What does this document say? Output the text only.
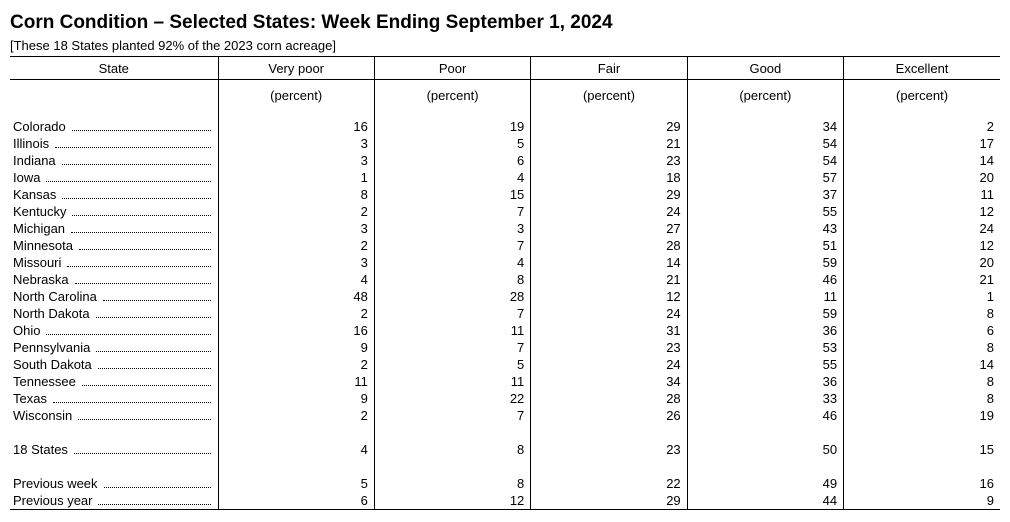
Corn Condition – Selected States: Week Ending September 1, 2024
[These 18 States planted 92% of the 2023 corn acreage]
State	Very poor	Poor	Fair	Good	Excellent
	(percent)	(percent)	(percent)	(percent)	(percent)

Colorado	16	19	29	34	2

Illinois	3	5	21	54	17

Indiana	3	6	23	54	14

Iowa	1	4	18	57	20

Kansas	8	15	29	37	11

Kentucky	2	7	24	55	12

Michigan	3	3	27	43	24

Minnesota	2	7	28	51	12

Missouri	3	4	14	59	20

Nebraska	4	8	21	46	21

North Carolina	48	28	12	11	1

North Dakota	2	7	24	59	8

Ohio	16	11	31	36	6

Pennsylvania	9	7	23	53	8

South Dakota	2	5	24	55	14

Tennessee	11	11	34	36	8

Texas	9	22	28	33	8

Wisconsin	2	7	26	46	19

18 States	4	8	23	50	15

Previous week	5	8	22	49	16

Previous year	6	12	29	44	9
